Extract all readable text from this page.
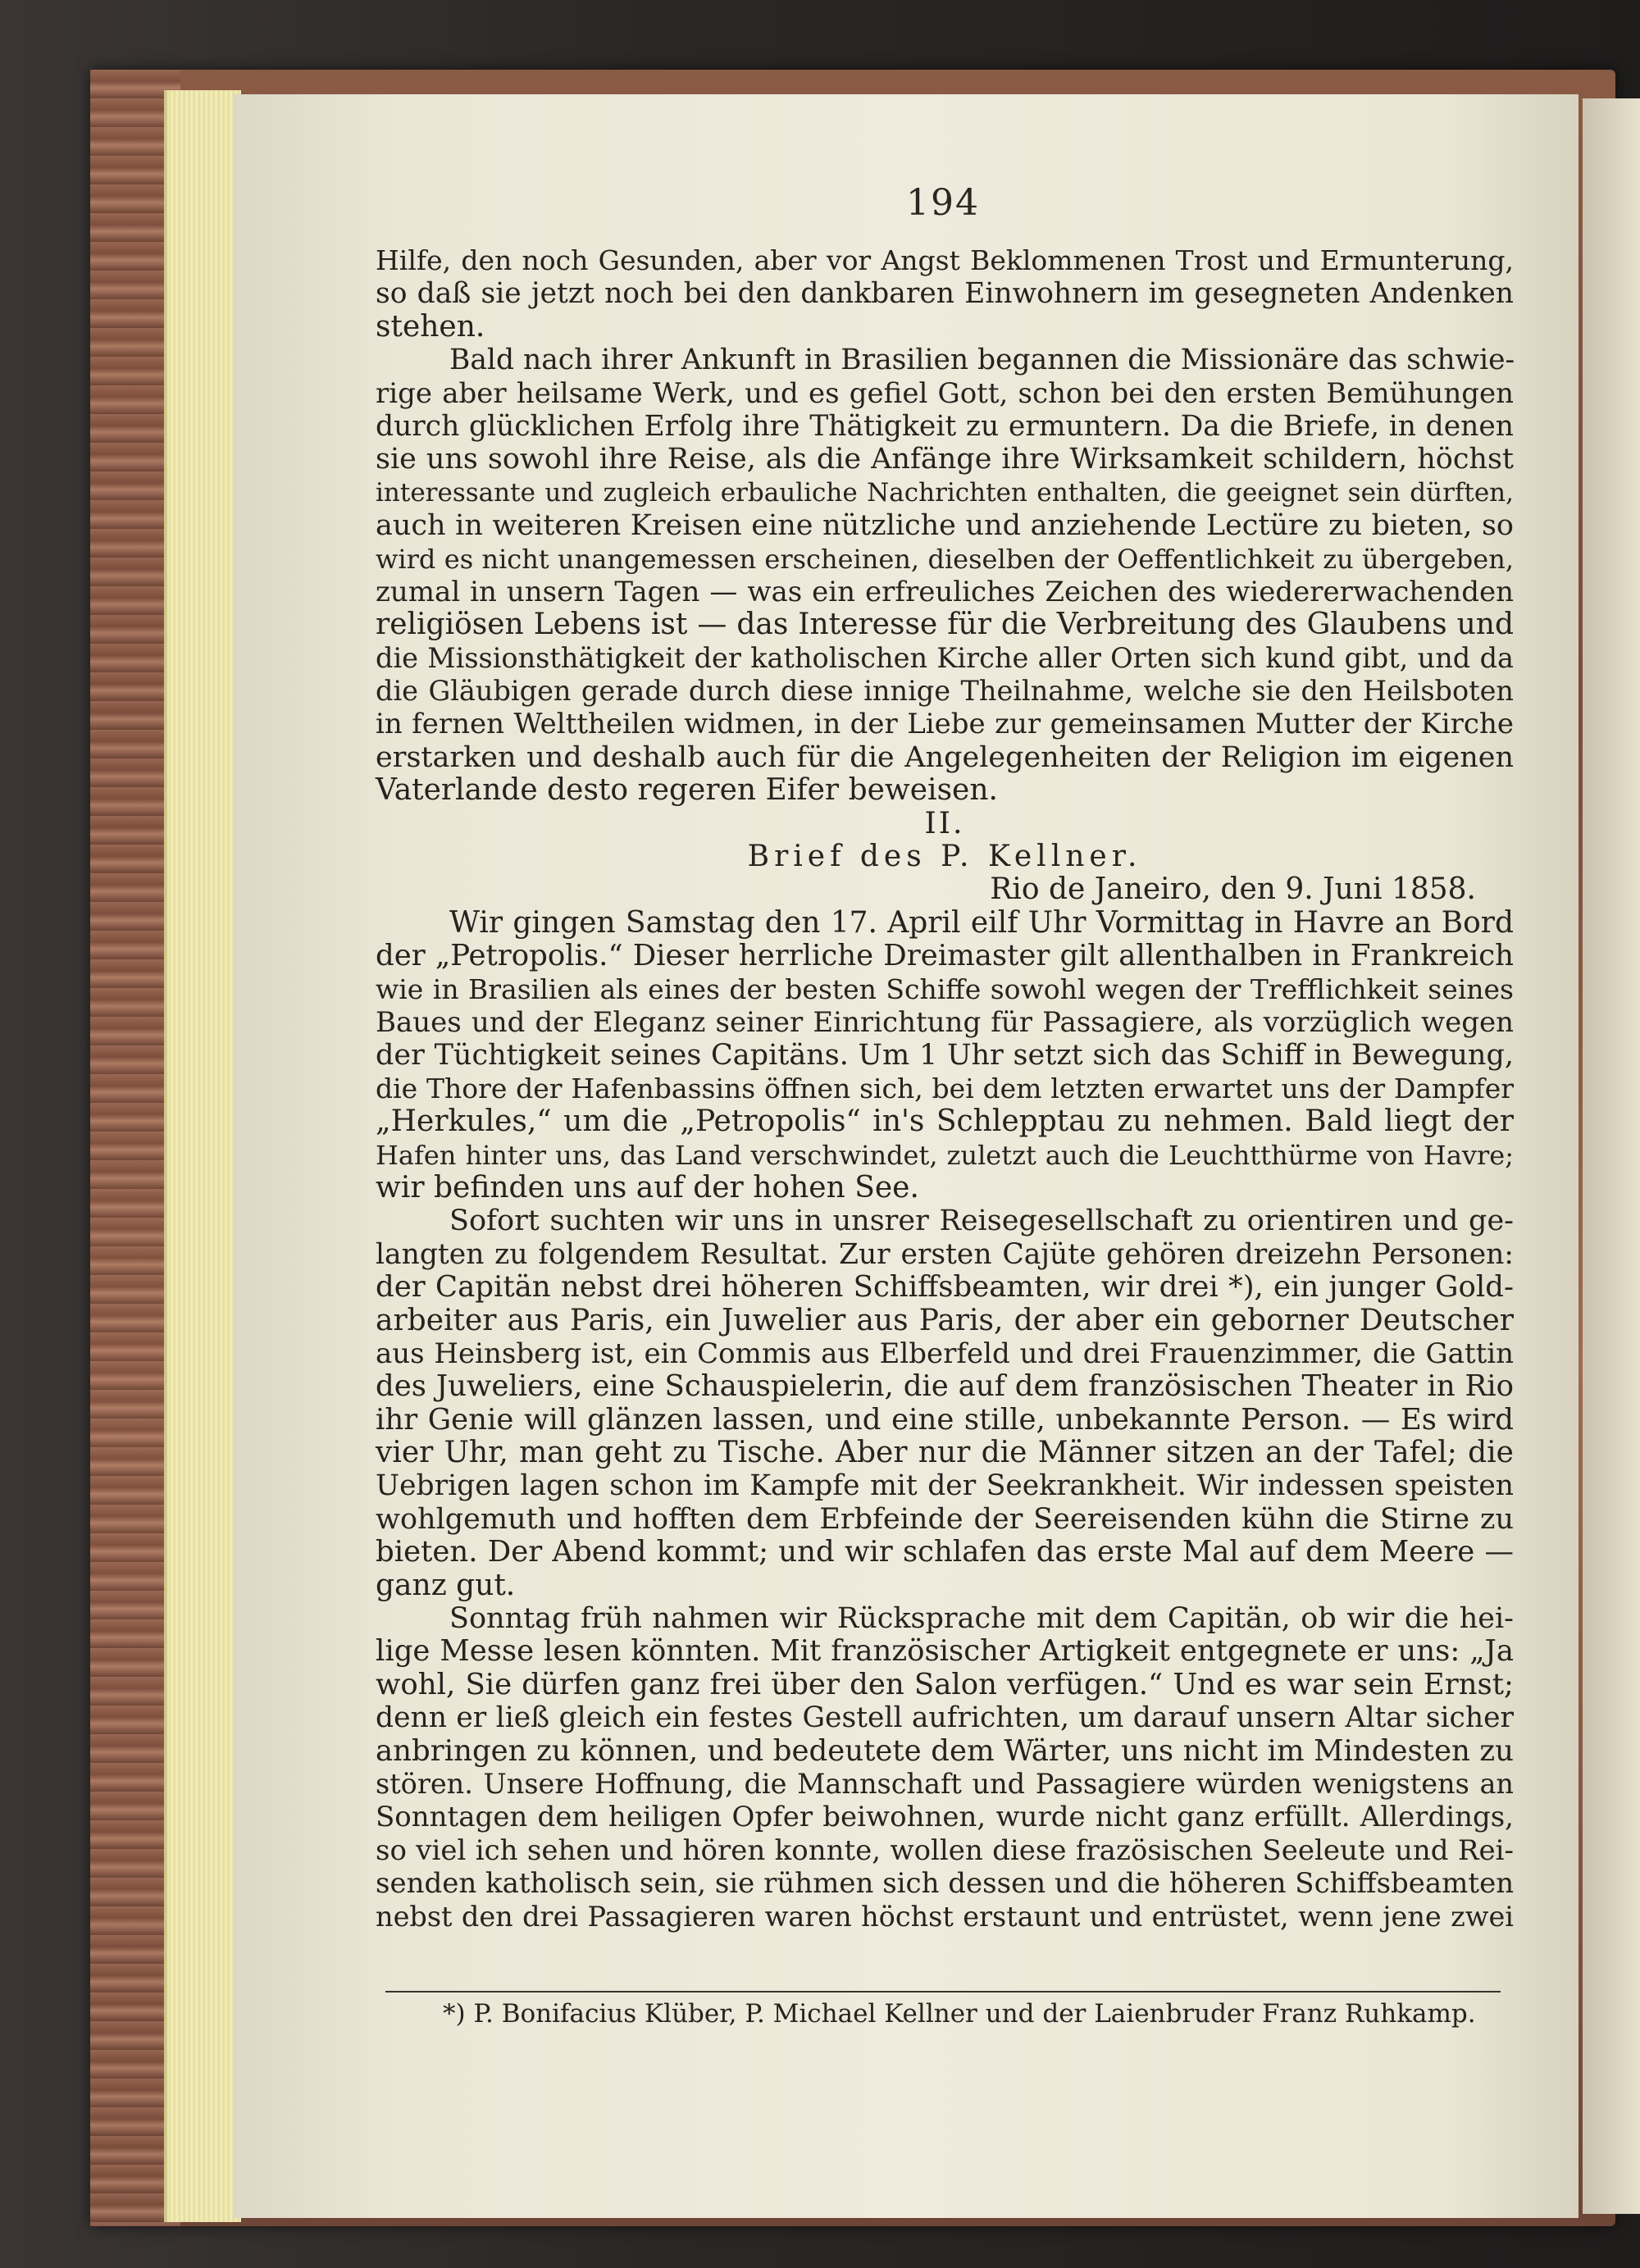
194
Hilfe, den noch Gesunden, aber vor Angst Beklommenen Trost und Ermunterung,
so daß sie jetzt noch bei den dankbaren Einwohnern im gesegneten Andenken
stehen.
Bald nach ihrer Ankunft in Brasilien begannen die Missionäre das schwie-
rige aber heilsame Werk, und es gefiel Gott, schon bei den ersten Bemühungen
durch glücklichen Erfolg ihre Thätigkeit zu ermuntern. Da die Briefe, in denen
sie uns sowohl ihre Reise, als die Anfänge ihre Wirksamkeit schildern, höchst
interessante und zugleich erbauliche Nachrichten enthalten, die geeignet sein dürften,
auch in weiteren Kreisen eine nützliche und anziehende Lectüre zu bieten, so
wird es nicht unangemessen erscheinen, dieselben der Oeffentlichkeit zu übergeben,
zumal in unsern Tagen — was ein erfreuliches Zeichen des wiedererwachenden
religiösen Lebens ist — das Interesse für die Verbreitung des Glaubens und
die Missionsthätigkeit der katholischen Kirche aller Orten sich kund gibt, und da
die Gläubigen gerade durch diese innige Theilnahme, welche sie den Heilsboten
in fernen Welttheilen widmen, in der Liebe zur gemeinsamen Mutter der Kirche
erstarken und deshalb auch für die Angelegenheiten der Religion im eigenen
Vaterlande desto regeren Eifer beweisen.
II.
Brief des P. Kellner.
Rio de Janeiro, den 9. Juni 1858.
Wir gingen Samstag den 17. April eilf Uhr Vormittag in Havre an Bord
der „Petropolis.“ Dieser herrliche Dreimaster gilt allenthalben in Frankreich
wie in Brasilien als eines der besten Schiffe sowohl wegen der Trefflichkeit seines
Baues und der Eleganz seiner Einrichtung für Passagiere, als vorzüglich wegen
der Tüchtigkeit seines Capitäns. Um 1 Uhr setzt sich das Schiff in Bewegung,
die Thore der Hafenbassins öffnen sich, bei dem letzten erwartet uns der Dampfer
„Herkules,“ um die „Petropolis“ in's Schlepptau zu nehmen. Bald liegt der
Hafen hinter uns, das Land verschwindet, zuletzt auch die Leuchtthürme von Havre;
wir befinden uns auf der hohen See.
Sofort suchten wir uns in unsrer Reisegesellschaft zu orientiren und ge-
langten zu folgendem Resultat. Zur ersten Cajüte gehören dreizehn Personen:
der Capitän nebst drei höheren Schiffsbeamten, wir drei *), ein junger Gold-
arbeiter aus Paris, ein Juwelier aus Paris, der aber ein geborner Deutscher
aus Heinsberg ist, ein Commis aus Elberfeld und drei Frauenzimmer, die Gattin
des Juweliers, eine Schauspielerin, die auf dem französischen Theater in Rio
ihr Genie will glänzen lassen, und eine stille, unbekannte Person. — Es wird
vier Uhr, man geht zu Tische. Aber nur die Männer sitzen an der Tafel; die
Uebrigen lagen schon im Kampfe mit der Seekrankheit. Wir indessen speisten
wohlgemuth und hofften dem Erbfeinde der Seereisenden kühn die Stirne zu
bieten. Der Abend kommt; und wir schlafen das erste Mal auf dem Meere —
ganz gut.
Sonntag früh nahmen wir Rücksprache mit dem Capitän, ob wir die hei-
lige Messe lesen könnten. Mit französischer Artigkeit entgegnete er uns: „Ja
wohl, Sie dürfen ganz frei über den Salon verfügen.“ Und es war sein Ernst;
denn er ließ gleich ein festes Gestell aufrichten, um darauf unsern Altar sicher
anbringen zu können, und bedeutete dem Wärter, uns nicht im Mindesten zu
stören. Unsere Hoffnung, die Mannschaft und Passagiere würden wenigstens an
Sonntagen dem heiligen Opfer beiwohnen, wurde nicht ganz erfüllt. Allerdings,
so viel ich sehen und hören konnte, wollen diese frazösischen Seeleute und Rei-
senden katholisch sein, sie rühmen sich dessen und die höheren Schiffsbeamten
nebst den drei Passagieren waren höchst erstaunt und entrüstet, wenn jene zwei
*) P. Bonifacius Klüber, P. Michael Kellner und der Laienbruder Franz Ruhkamp.
